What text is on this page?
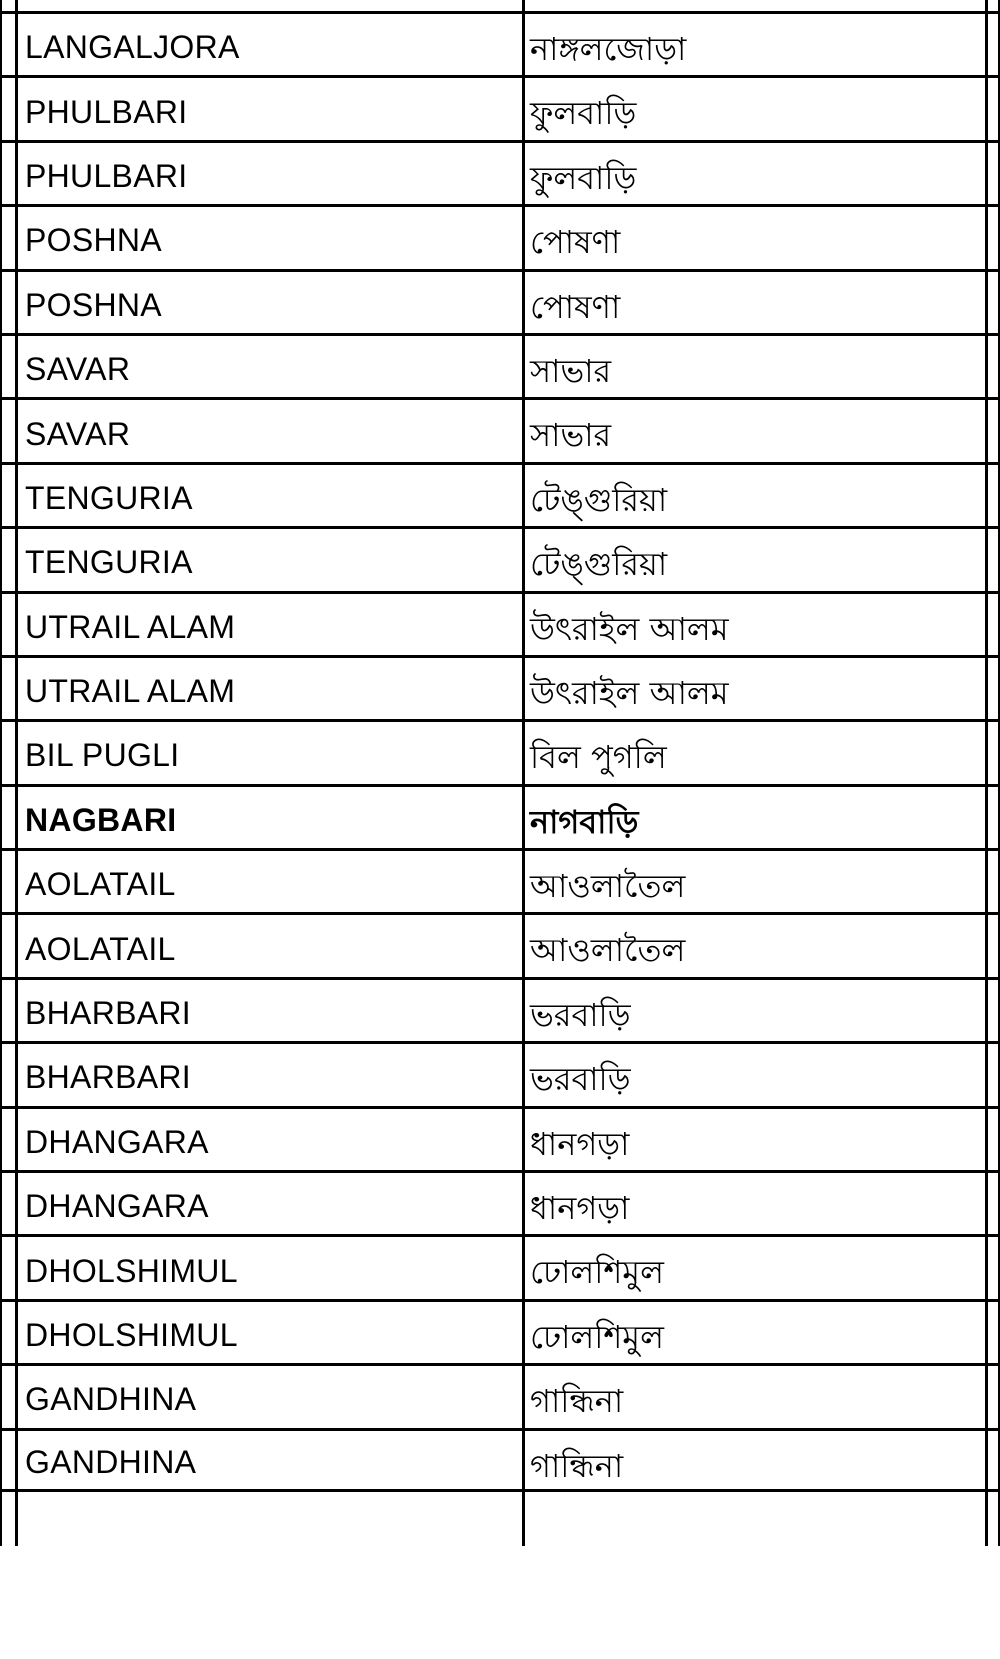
LANGALJORA	নাঙ্গলজোড়া
PHULBARI	ফুলবাড়ি
PHULBARI	ফুলবাড়ি
POSHNA	পোষণা
POSHNA	পোষণা
SAVAR	সাভার
SAVAR	সাভার
TENGURIA	টেঙ্গুরিয়া
TENGURIA	টেঙ্গুরিয়া
UTRAIL ALAM	উৎরাইল আলম
UTRAIL ALAM	উৎরাইল আলম
BIL PUGLI	বিল পুগলি
NAGBARI	নাগবাড়ি
AOLATAIL	আওলাতৈল
AOLATAIL	আওলাতৈল
BHARBARI	ভরবাড়ি
BHARBARI	ভরবাড়ি
DHANGARA	ধানগড়া
DHANGARA	ধানগড়া
DHOLSHIMUL	ঢোলশিমুল
DHOLSHIMUL	ঢোলশিমুল
GANDHINA	গান্ধিনা
GANDHINA	গান্ধিনা
